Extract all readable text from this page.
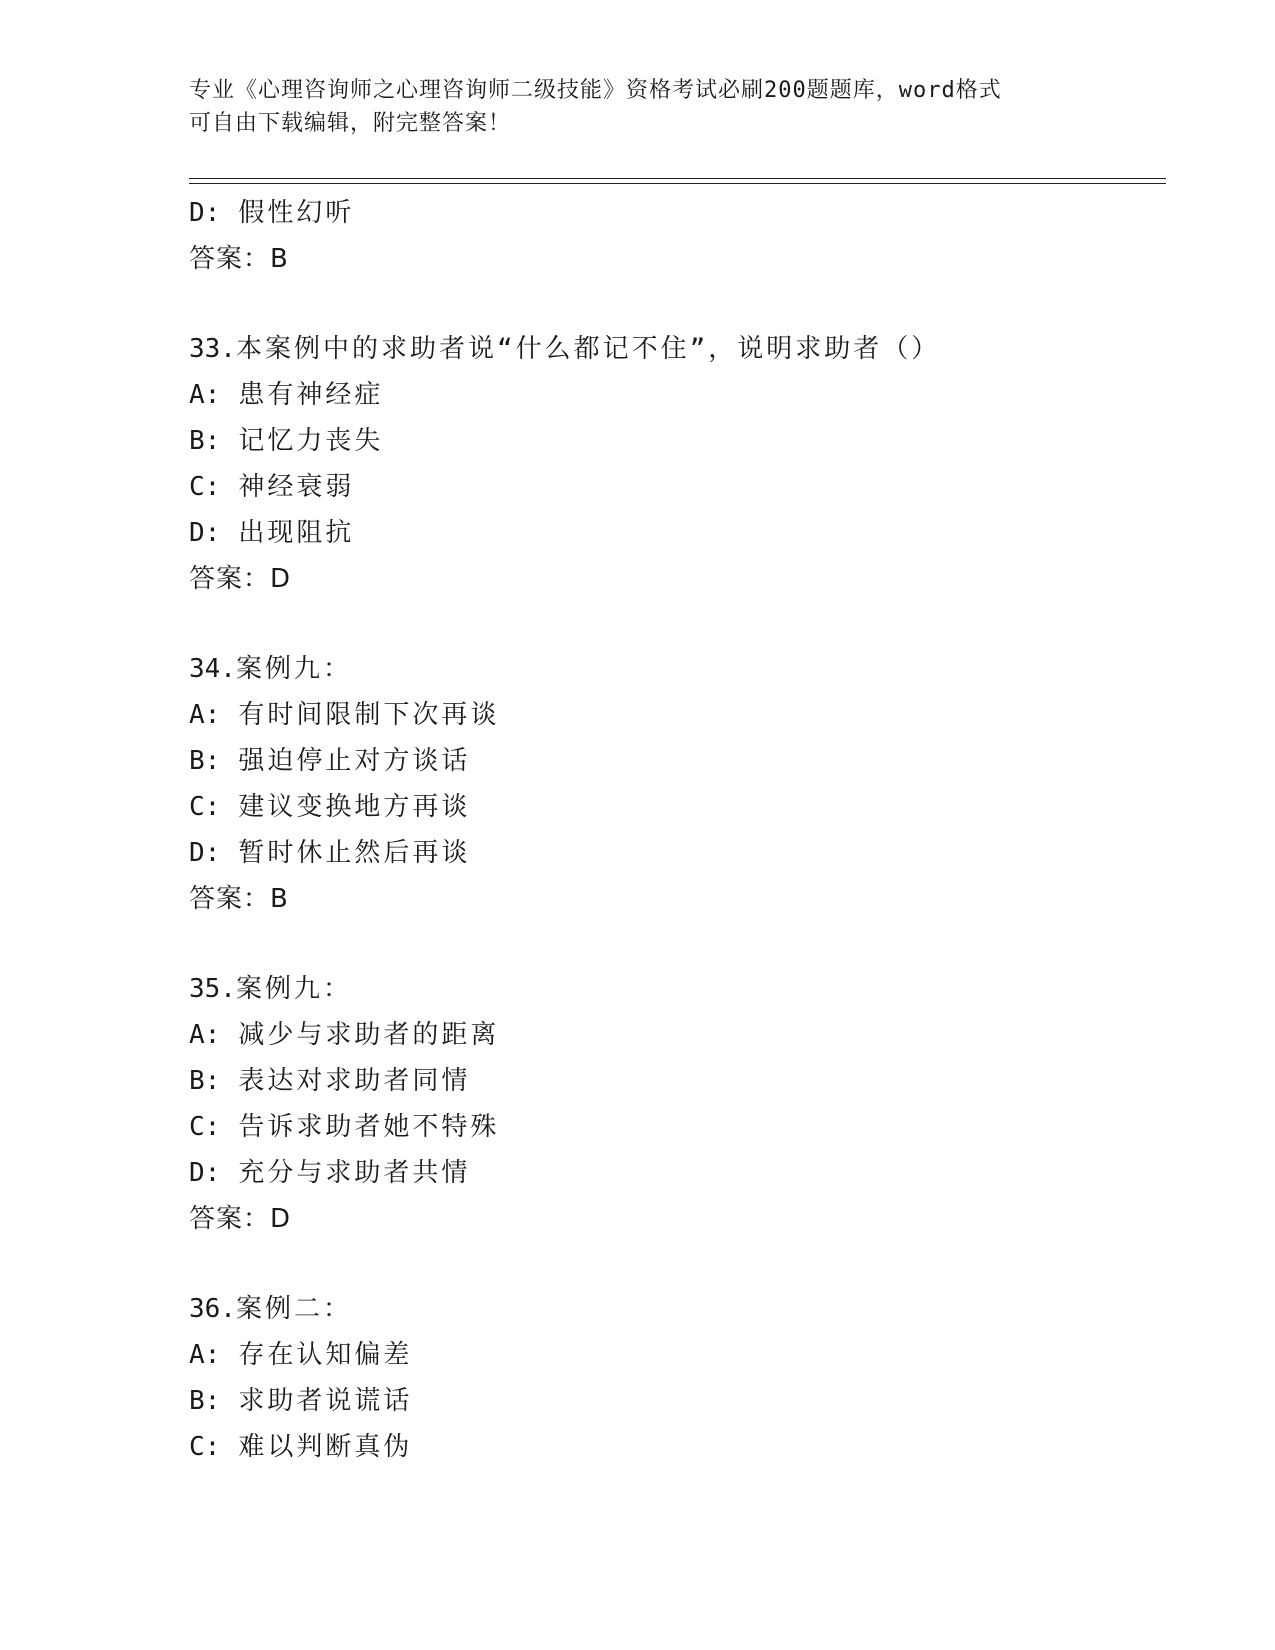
专业《心理咨询师之心理咨询师二级技能》资格考试必刷200题题库，word格式
可自由下载编辑，附完整答案！
D: 假性幻听
答案：B
33.本案例中的求助者说“什么都记不住”，说明求助者（）
A: 患有神经症
B: 记忆力丧失
C: 神经衰弱
D: 出现阻抗
答案：D
34.案例九：
A: 有时间限制下次再谈
B: 强迫停止对方谈话
C: 建议变换地方再谈
D: 暂时休止然后再谈
答案：B
35.案例九：
A: 减少与求助者的距离
B: 表达对求助者同情
C: 告诉求助者她不特殊
D: 充分与求助者共情
答案：D
36.案例二：
A: 存在认知偏差
B: 求助者说谎话
C: 难以判断真伪
